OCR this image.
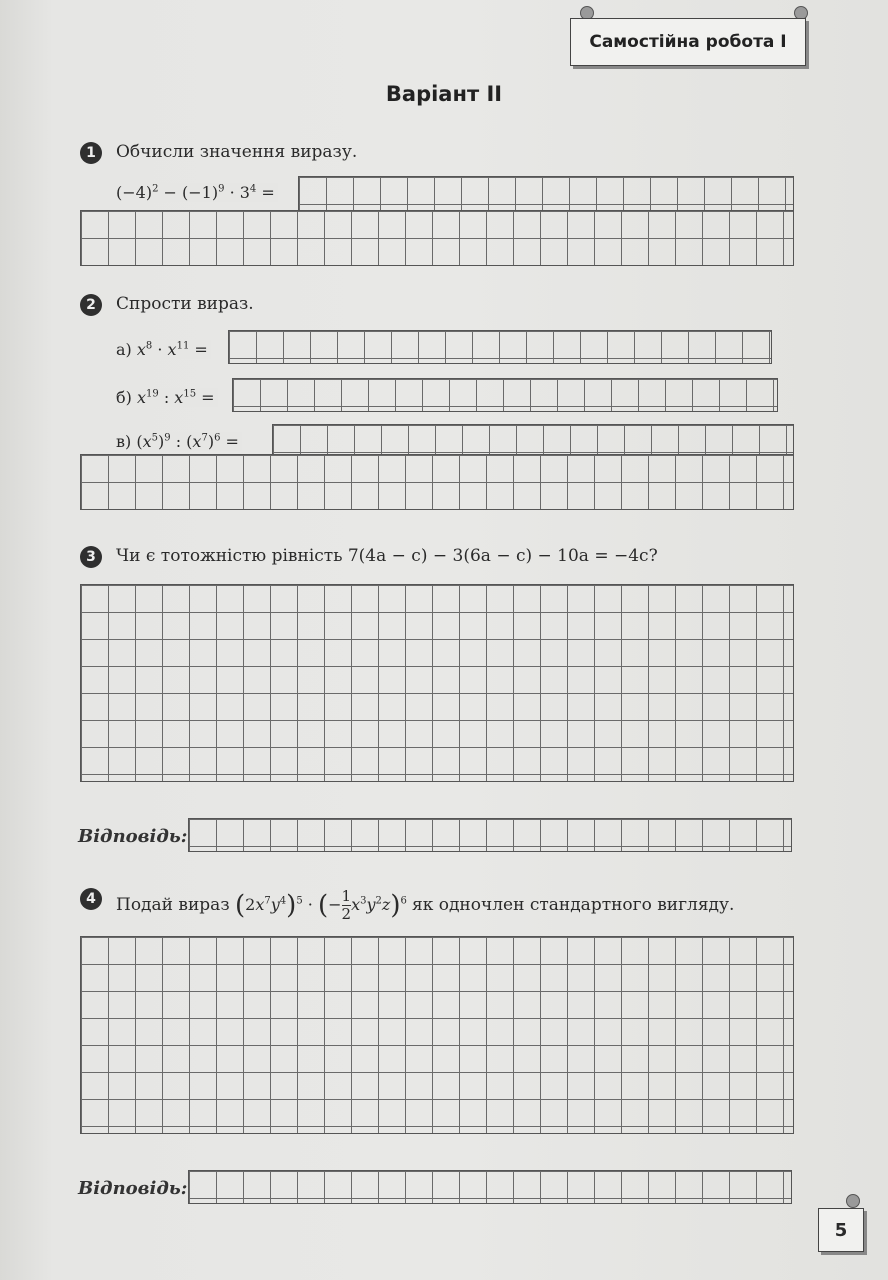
Самостійна робота I
Варіант II
1	Обчисли значення виразу.
$(-4)^2 - (-1)^9 \cdot 3^4$ =
2	Спрости вираз.
а) $x^8 \cdot x^{11}$ =
б) $x^{19}$ : $x^{15}$ =
в) $(x^5)^9$ : $(x^7)^6$ =
3	Чи є тотожністю рівність 7(4a − c) − 3(6a − c) − 10a = −4c?
Відповідь:
4	Подай вираз $(2x^7y^4)^5$ · (− $\frac{1}{2} x^3y^2z)^6$ як одночлен стандартного вигляду.
Відповідь:
5
